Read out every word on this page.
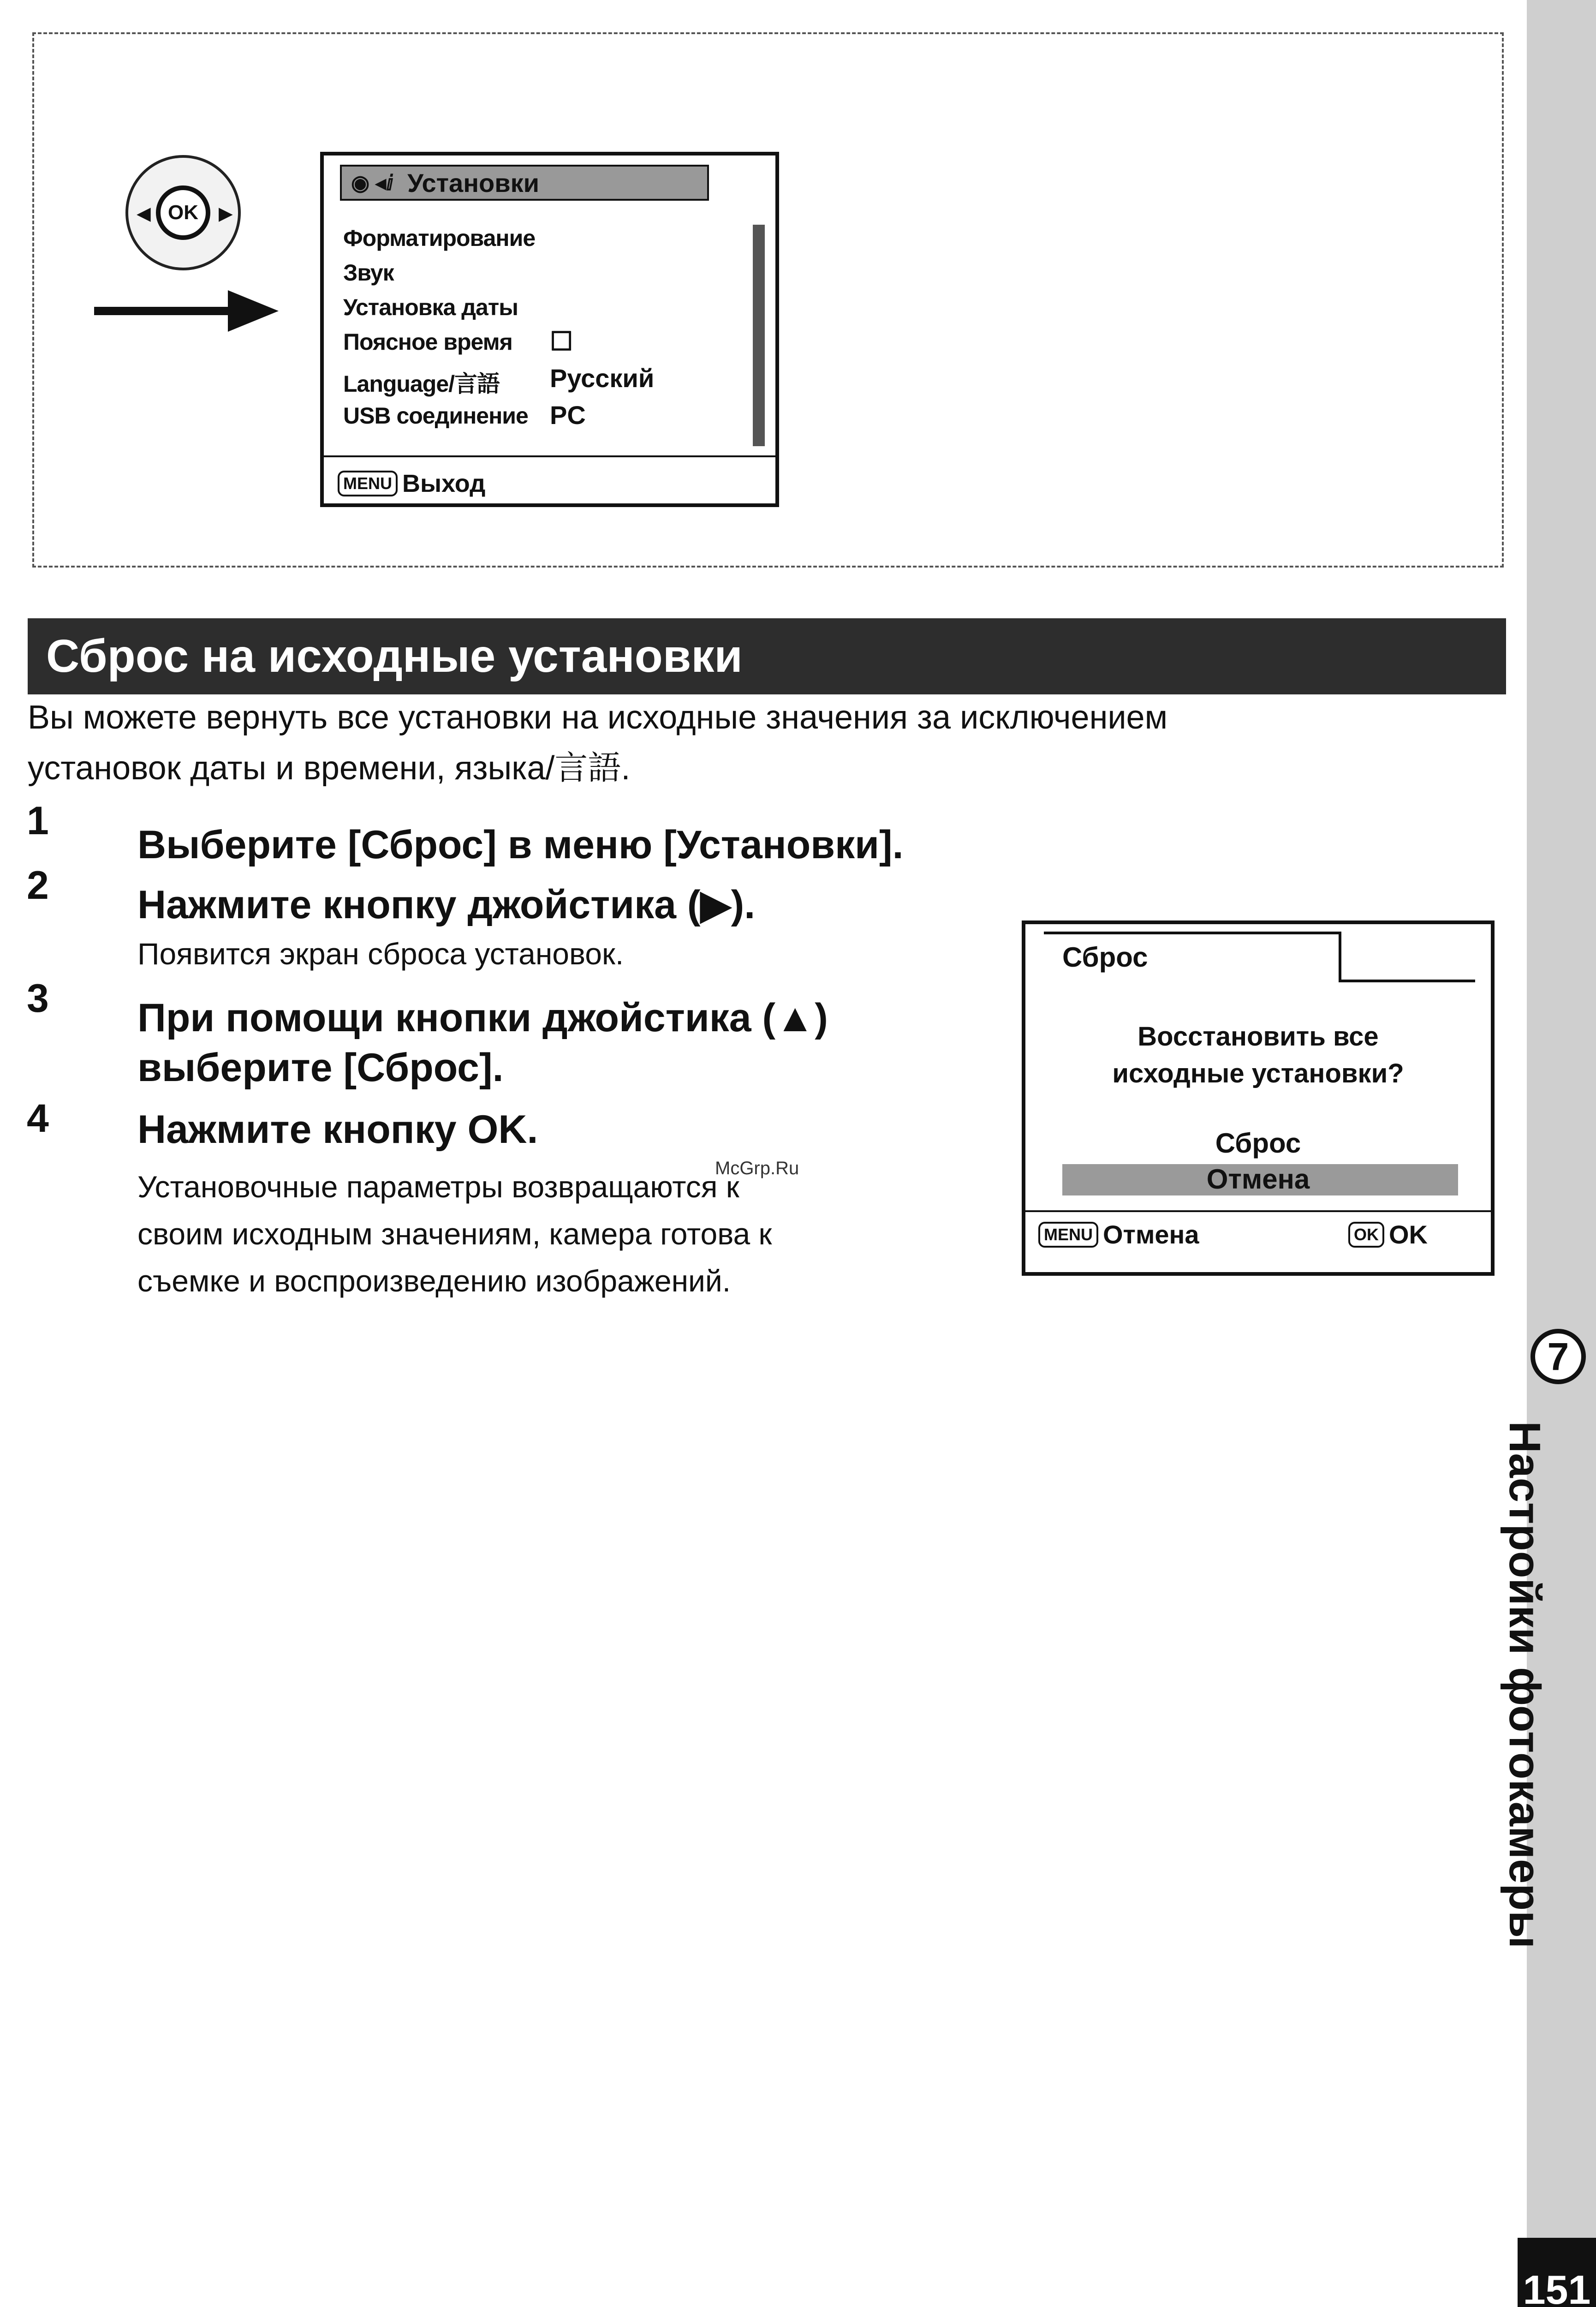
7
Настройки фотокамеры
151
◀	▶
OK
◉ ◂ⅈ Установки
Форматирование
Звук
Установка даты
Поясное время ☐
Language/言語 Русский
USB соединение PC
MENU Выход
Сброс на исходные установки
Вы можете вернуть все установки на исходные значения за исключением
установок даты и времени, языка/言語.
1
Выберите [Сброс] в меню [Установки].
2 Нажмите кнопку джойстика (▶).
Появится экран сброса установок.
3 При помощи кнопки джойстика (▲)
выберите [Сброс].
4 Нажмите кнопку OK.
Установочные параметры возвращаются к
своим исходным значениям, камера готова к
съемке и воспроизведению изображений.
McGrp.Ru
Сброс
Восстановить все
исходные установки?
Сброс
Отмена
MENU Отмена	OK OK
